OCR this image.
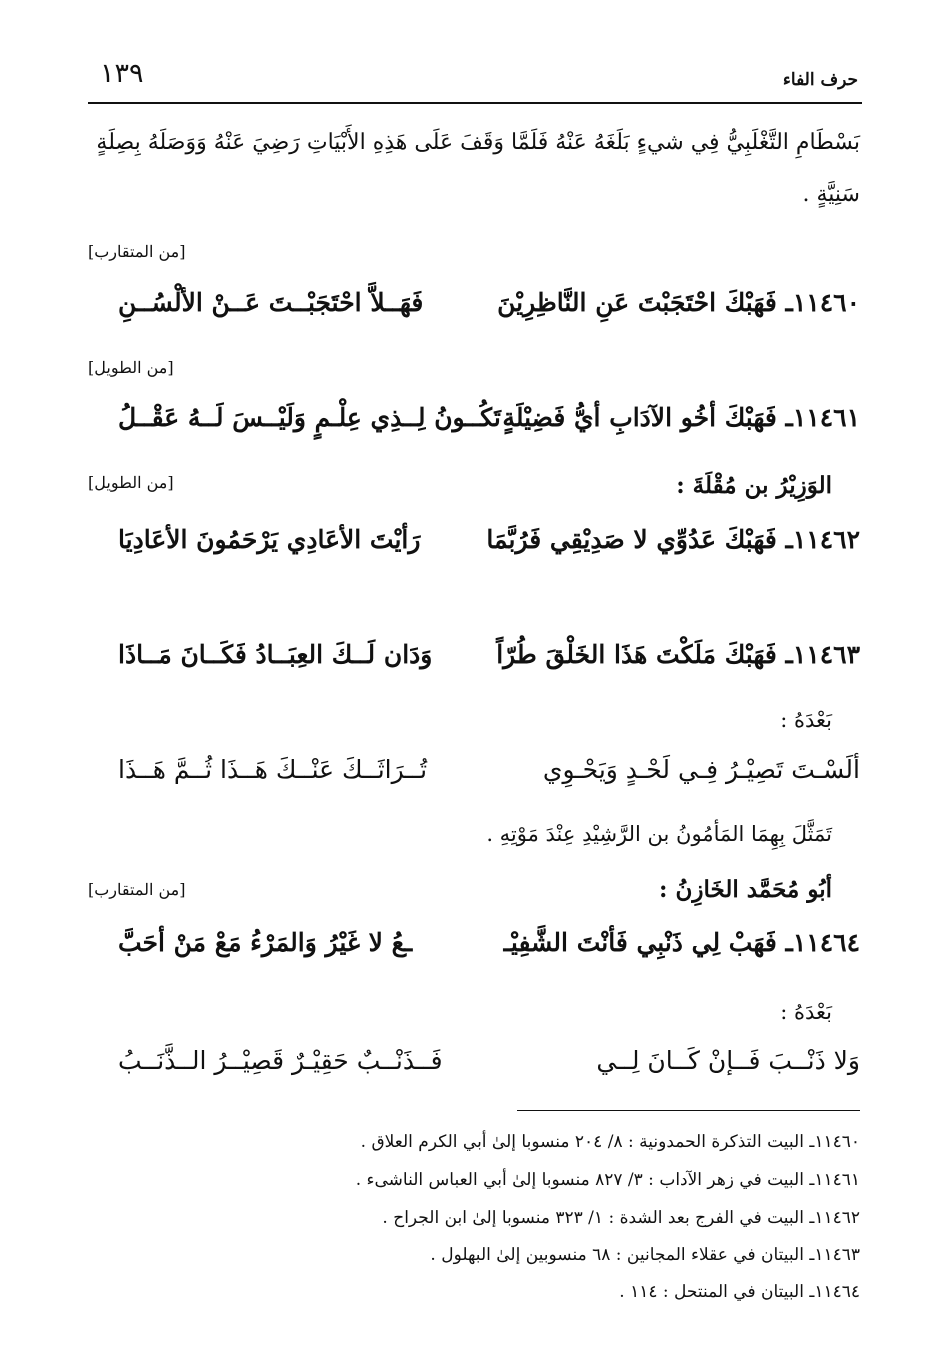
١٣٩	حرف الفاء
بَسْطَامِ التَّغْلَبِيُّ فِي شيءٍ بَلَغَهُ عَنْهُ فَلَمَّا وَقَفَ عَلَى هَذِهِ الأَبْيَاتِ رَضِيَ عَنْهُ وَوَصَلَهُ بِصِلَةٍ
سَنِيَّةٍ .
[من المتقارب]
١١٤٦٠ـ فَهَبْكَ احْتَجَبْتَ عَنِ النَّاظِرِيْنَ
فَهَــلاَّ احْتَجَبْــتَ عَــنْ الألْسُــنِ
[من الطويل]
١١٤٦١ـ فَهَبْكَ أخُو الآدَابِ أيُّ فَضِيْلَةٍ
تَكُــونُ لِــذِي عِلْـمٍ وَلَيْــسَ لَــهُ عَقْــلُ
الوَزِيْرُ بن مُقْلَةَ :
[من الطويل]
١١٤٦٢ـ فَهَبْكَ عَدُوِّي لا صَدِيْقِي فَرُبَّمَا
رَأيْتَ الأعَادِي يَرْحَمُونَ الأعَادِيَا
١١٤٦٣ـ فَهَبْكَ مَلَكْتَ هَذَا الخَلْقَ طُرّاً
وَدَان لَــكَ العِبَــادُ فَكَــانَ مَــاذَا
بَعْدَهُ :
ألَسْـتَ تَصِيْـرُ فِـي لَحْـدٍ وَيَحْـوِي
تُــرَاثَــكَ عَنْــكَ هَــذَا ثُــمَّ هَــذَا
تَمَثَّلَ بِهِمَا المَأمُونُ بن الرَّشِيْدِ عِنْدَ مَوْتِهِ .
أبُو مُحَمَّد الخَازِنُ :
[من المتقارب]
١١٤٦٤ـ فَهَبْ لِي ذَنْبِي فَأنْتَ الشَّفِيْـ
ـعُ لا غَيْرُ وَالمَرْءُ مَعْ مَنْ أحَبَّ
بَعْدَهُ :
وَلا ذَنْــبَ فَــإنْ كَــانَ لِــي
فَــذَنْــبٌ حَقِيْـرٌ قَصِيْــرُ الــذَّنَــبُ
١١٤٦٠ـ البيت التذكرة الحمدونية : ٨/ ٢٠٤ منسوبا إلىٰ أبي الكرم العلاق .
١١٤٦١ـ البيت في زهر الآداب : ٣/ ٨٢٧ منسوبا إلىٰ أبي العباس الناشىء .
١١٤٦٢ـ البيت في الفرج بعد الشدة : ١/ ٣٢٣ منسوبا إلىٰ ابن الجراح .
١١٤٦٣ـ البيتان في عقلاء المجانين : ٦٨ منسوبين إلىٰ البهلول .
١١٤٦٤ـ البيتان في المنتحل : ١١٤ .
